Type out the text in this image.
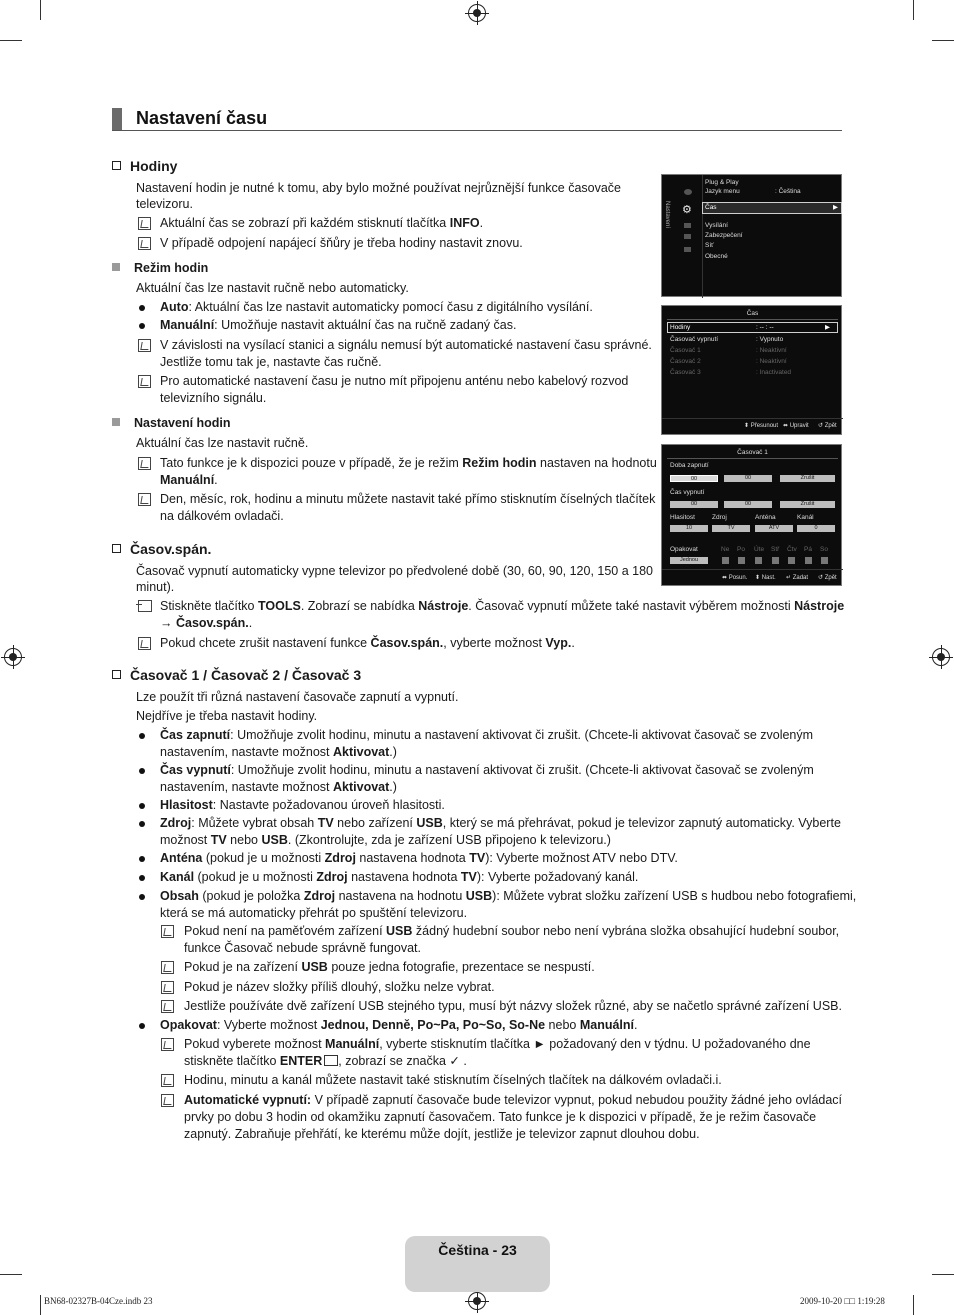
Nastavení času
Hodiny
Nastavení hodin je nutné k tomu, aby bylo možné používat nejrůznější funkce časovače
televizoru.
Aktuální čas se zobrazí při každém stisknutí tlačítka INFO.
V případě odpojení napájecí šňůry je třeba hodiny nastavit znovu.
Režim hodin
Aktuální čas lze nastavit ručně nebo automaticky.
Auto: Aktuální čas lze nastavit automaticky pomocí času z digitálního vysílání.
Manuální: Umožňuje nastavit aktuální čas na ručně zadaný čas.
V závislosti na vysílací stanici a signálu nemusí být automatické nastavení času správné.
Jestliže tomu tak je, nastavte čas ručně.
Pro automatické nastavení času je nutno mít připojenu anténu nebo kabelový rozvod
televizního signálu.
Nastavení hodin
Aktuální čas lze nastavit ručně.
Tato funkce je k dispozici pouze v případě, že je režim Režim hodin nastaven na hodnotu
Manuální.
Den, měsíc, rok, hodinu a minutu můžete nastavit také přímo stisknutím číselných tlačítek
na dálkovém ovladači.
Časov.spán.
Časovač vypnutí automaticky vypne televizor po předvolené době (30, 60, 90, 120, 150 a 180
minut).
Stiskněte tlačítko TOOLS. Zobrazí se nabídka Nástroje. Časovač vypnutí můžete také nastavit výběrem možnosti Nástroje
→ Časov.spán..
Pokud chcete zrušit nastavení funkce Časov.spán., vyberte možnost Vyp..
Časovač 1 / Časovač 2 / Časovač 3
Lze použít tři různá nastavení časovače zapnutí a vypnutí.
Nejdříve je třeba nastavit hodiny.
Čas zapnutí: Umožňuje zvolit hodinu, minutu a nastavení aktivovat či zrušit. (Chcete-li aktivovat časovač se zvoleným
nastavením, nastavte možnost Aktivovat.)
Čas vypnutí: Umožňuje zvolit hodinu, minutu a nastavení aktivovat či zrušit. (Chcete-li aktivovat časovač se zvoleným
nastavením, nastavte možnost Aktivovat.)
Hlasitost: Nastavte požadovanou úroveň hlasitosti.
Zdroj: Můžete vybrat obsah TV nebo zařízení USB, který se má přehrávat, pokud je televizor zapnutý automaticky. Vyberte
možnost TV nebo USB. (Zkontrolujte, zda je zařízení USB připojeno k televizoru.)
Anténa (pokud je u možnosti Zdroj nastavena hodnota TV): Vyberte možnost ATV nebo DTV.
Kanál (pokud je u možnosti Zdroj nastavena hodnota TV): Vyberte požadovaný kanál.
Obsah (pokud je položka Zdroj nastavena na hodnotu USB): Můžete vybrat složku zařízení USB s hudbou nebo fotografiemi,
která se má automaticky přehrát po spuštění televizoru.
Pokud není na paměťovém zařízení USB žádný hudební soubor nebo není vybrána složka obsahující hudební soubor,
funkce Časovač nebude správně fungovat.
Pokud je na zařízení USB pouze jedna fotografie, prezentace se nespustí.
Pokud je název složky příliš dlouhý, složku nelze vybrat.
Jestliže používáte dvě zařízení USB stejného typu, musí být názvy složek různé, aby se načetlo správné zařízení USB.
Opakovat: Vyberte možnost Jednou, Denně, Po~Pa, Po~So, So-Ne nebo Manuální.
Pokud vyberete možnost Manuální, vyberte stisknutím tlačítka ► požadovaný den v týdnu. U požadovaného dne
stiskněte tlačítko ENTER , zobrazí se značka ✓ .
Hodinu, minutu a kanál můžete nastavit také stisknutím číselných tlačítek na dálkovém ovladači.i.
Automatické vypnutí: V případě zapnutí časovače bude televizor vypnut, pokud nebudou použity žádné jeho ovládací
prvky po dobu 3 hodin od okamžiku zapnutí časovačem. Tato funkce je k dispozici v případě, že je režim časovače
zapnutý. Zabraňuje přehřátí, ke kterému může dojít, jestliže je televizor zapnut dlouhou dobu.
Nastavení ⚙
Plug & Play
Jazyk menu	: Čeština
Čas	▶
Vysílání
Zabezpečení
Síť
Obecné
Čas
Hodiny	: -- : --	▶
Časovač vypnutí	: Vypnuto
Časovač 1	: Neaktivní
Časovač 2	: Neaktivní
Časovač 3	: Inactivated
⬍ Přesunout ⬌ Upravit ↺ Zpět
Časovač 1
Doba zapnutí
00	00	Zrušit
Čas vypnutí
00	00	Zrušit
Hlasitost	Zdroj	Anténa	Kanál
10	TV	ATV	0
Opakovat	Ne Po Úte Stř Čtv Pá So
Jednou
⬌ Posun. ⬍ Nast. ↵ Zadat ↺ Zpět
Čeština - 23
BN68-02327B-04Cze.indb 23	2009-10-20 □□ 1:19:28
